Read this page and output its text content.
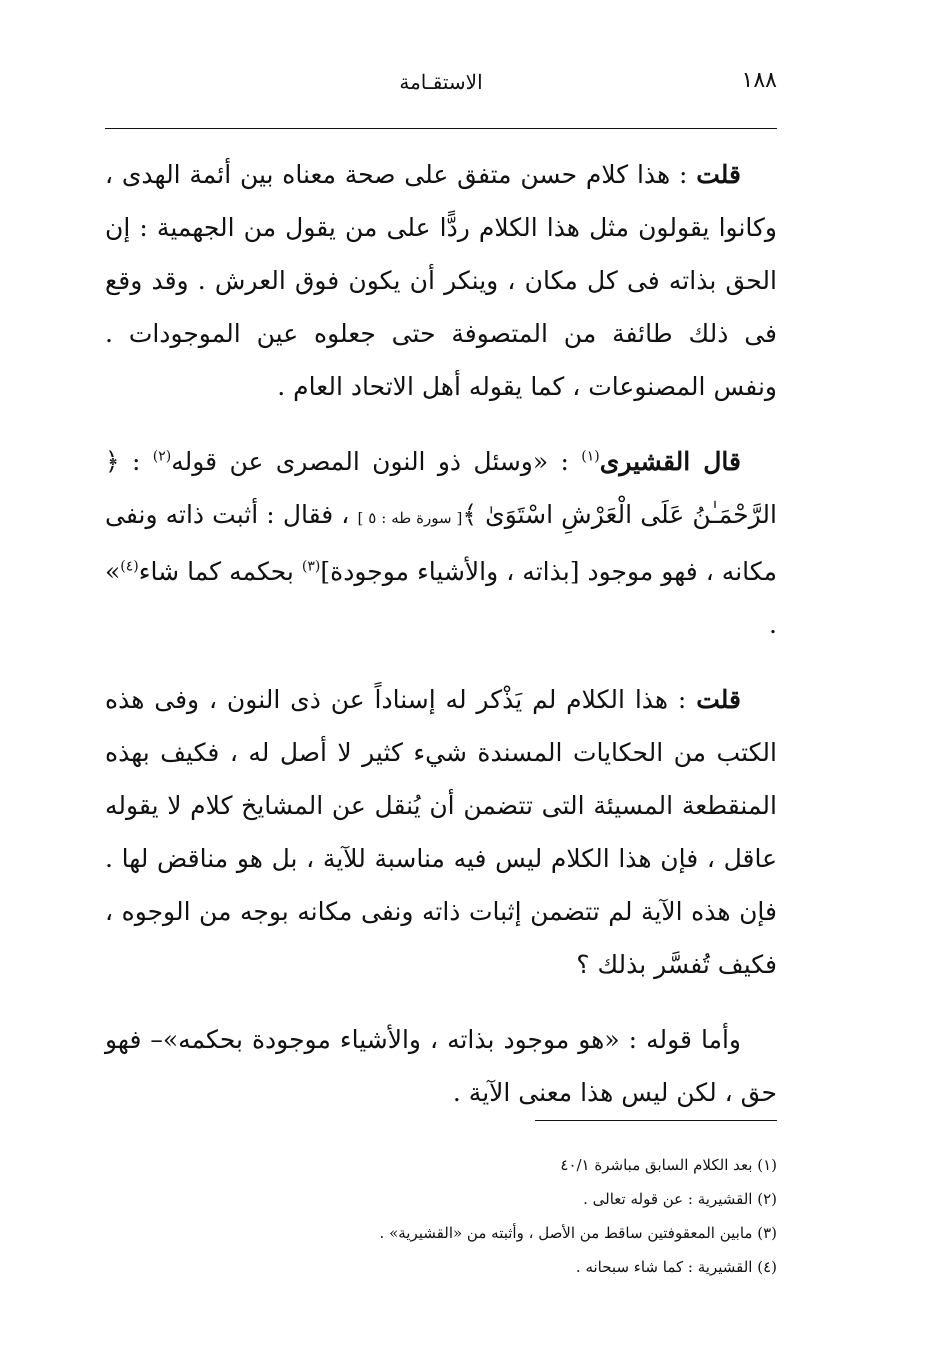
١٨٨
الاستقـامة

قلت : هذا كلام حسن متفق على صحة معناه بين أئمة الهدى ، وكانوا يقولون مثل هذا الكلام ردًّا على من يقول من الجهمية : إن الحق بذاته فى كل مكان ، وينكر أن يكون فوق العرش . وقد وقع فى ذلك طائفة من المتصوفة حتى جعلوه عين الموجودات . ونفس المصنوعات ، كما يقوله أهل الاتحاد العام .

قال القشيرى$^{(١)}$ : «وسئل ذو النون المصرى عن قوله$^{(٢)}$ : ﴿ الرَّحْمَـٰنُ عَلَى الْعَرْشِ اسْتَوَىٰ ﴾[ سورة طه : ٥ ] ، فقال : أثبت ذاته ونفى مكانه ، فهو موجود [بذاته ، والأشياء موجودة]$^{(٣)}$ بحكمه كما شاء$^{(٤)}$» .

قلت : هذا الكلام لم يَذْكر له إسناداً عن ذى النون ، وفى هذه الكتب من الحكايات المسندة شيء كثير لا أصل له ، فكيف بهذه المنقطعة المسيئة التى تتضمن أن يُنقل عن المشايخ كلام لا يقوله عاقل ، فإن هذا الكلام ليس فيه مناسبة للآية ، بل هو مناقض لها . فإن هذه الآية لم تتضمن إثبات ذاته ونفى مكانه بوجه من الوجوه ، فكيف تُفسَّر بذلك ؟

وأما قوله : «هو موجود بذاته ، والأشياء موجودة بحكمه»– فهو حق ، لكن ليس هذا معنى الآية .

(١) بعد الكلام السابق مباشرة ٤٠/١
(٢) القشيرية : عن قوله تعالى .
(٣) مابين المعقوفتين ساقط من الأصل ، وأثبته من «القشيرية» .
(٤) القشيرية : كما شاء سبحانه .
